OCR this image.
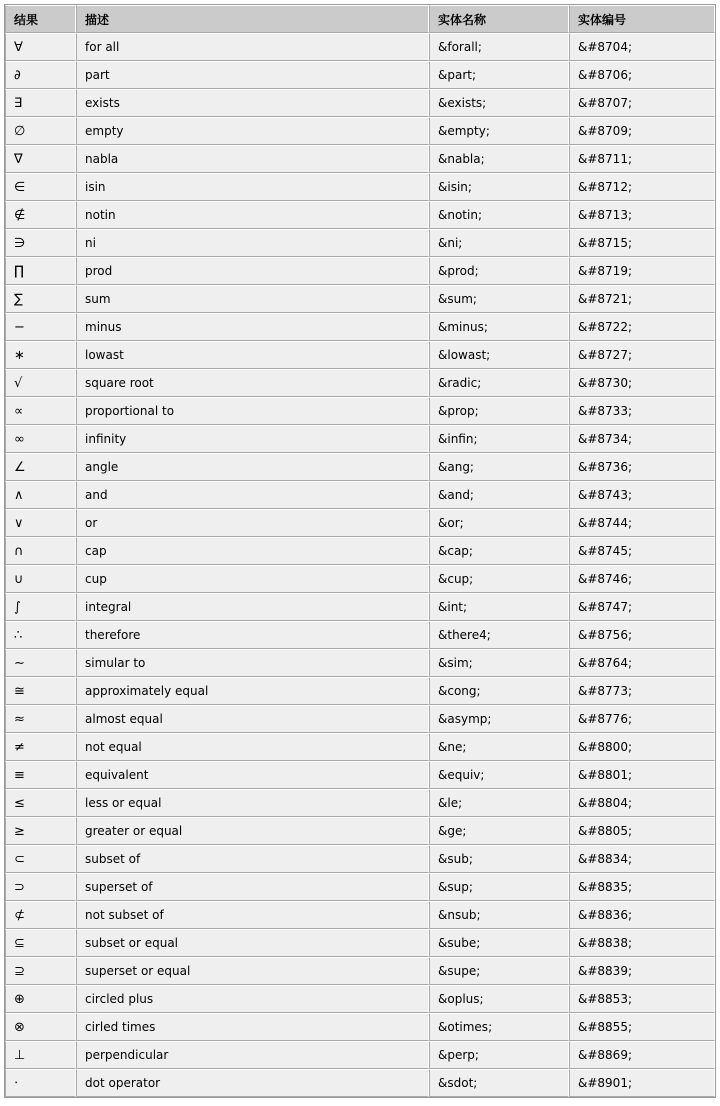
结果	描述	实体名称	实体编号
∀	for all	&forall;	&#8704;
∂	part	&part;	&#8706;
∃	exists	&exists;	&#8707;
∅	empty	&empty;	&#8709;
∇	nabla	&nabla;	&#8711;
∈	isin	&isin;	&#8712;
∉	notin	&notin;	&#8713;
∋	ni	&ni;	&#8715;
∏	prod	&prod;	&#8719;
∑	sum	&sum;	&#8721;
−	minus	&minus;	&#8722;
∗	lowast	&lowast;	&#8727;
√	square root	&radic;	&#8730;
∝	proportional to	&prop;	&#8733;
∞	infinity	&infin;	&#8734;
∠	angle	&ang;	&#8736;
∧	and	&and;	&#8743;
∨	or	&or;	&#8744;
∩	cap	&cap;	&#8745;
∪	cup	&cup;	&#8746;
∫	integral	&int;	&#8747;
∴	therefore	&there4;	&#8756;
∼	simular to	&sim;	&#8764;
≅	approximately equal	&cong;	&#8773;
≈	almost equal	&asymp;	&#8776;
≠	not equal	&ne;	&#8800;
≡	equivalent	&equiv;	&#8801;
≤	less or equal	&le;	&#8804;
≥	greater or equal	&ge;	&#8805;
⊂	subset of	&sub;	&#8834;
⊃	superset of	&sup;	&#8835;
⊄	not subset of	&nsub;	&#8836;
⊆	subset or equal	&sube;	&#8838;
⊇	superset or equal	&supe;	&#8839;
⊕	circled plus	&oplus;	&#8853;
⊗	cirled times	&otimes;	&#8855;
⊥	perpendicular	&perp;	&#8869;
⋅	dot operator	&sdot;	&#8901;
